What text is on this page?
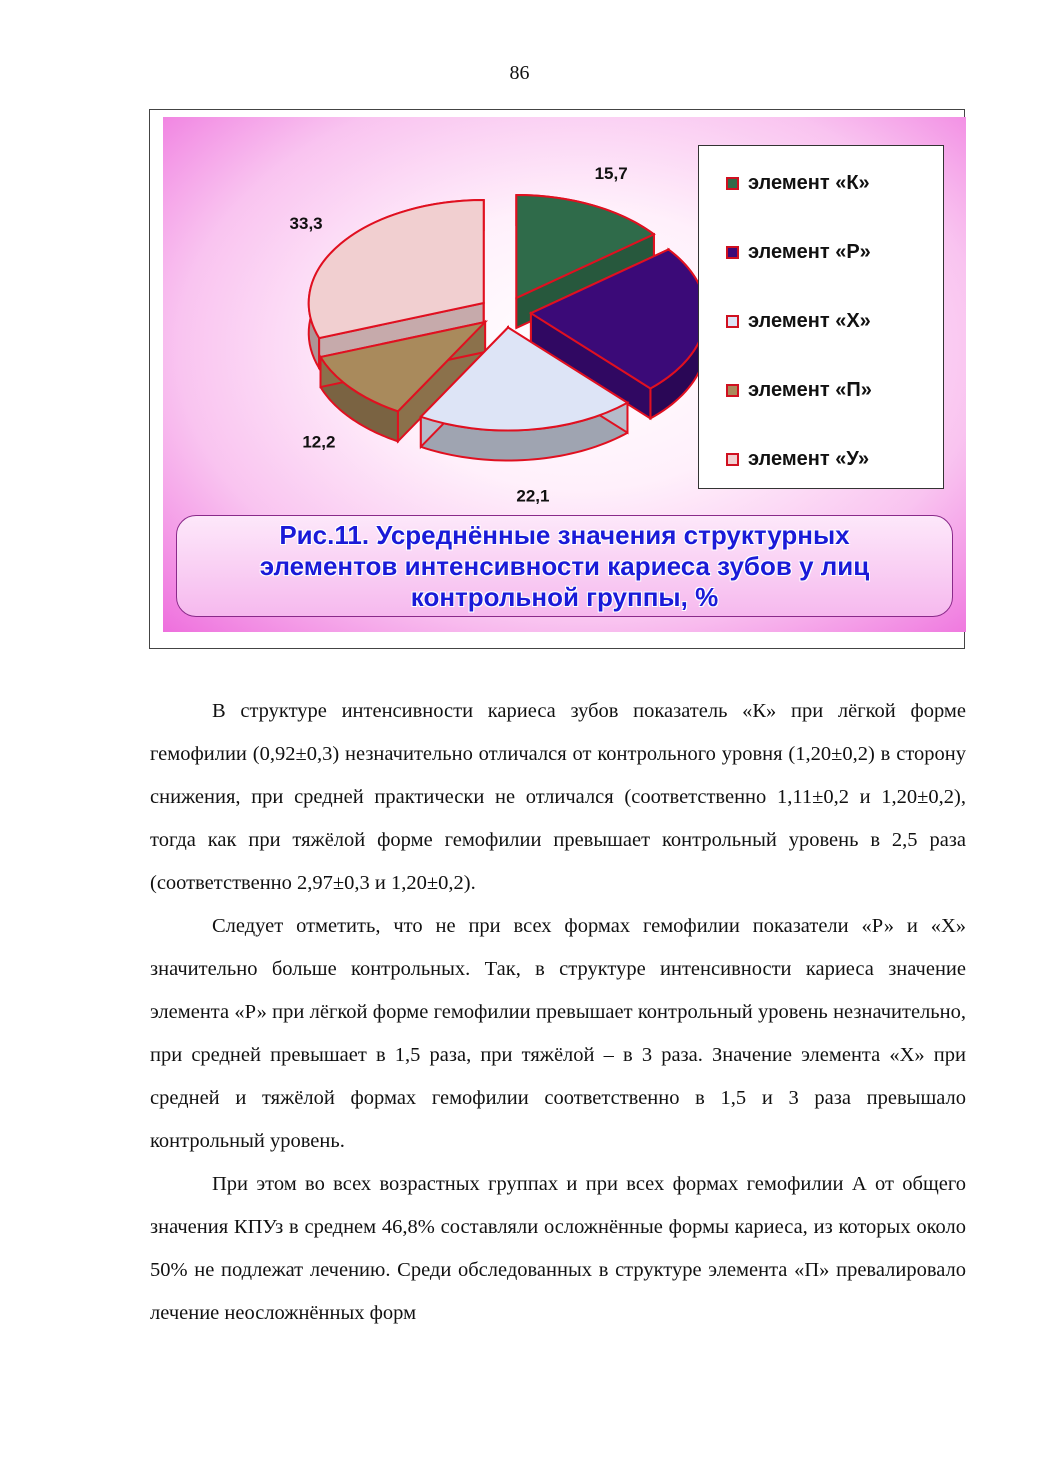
86
15,7
22,1
12,2
33,3
элемент «К»
элемент «Р»
элемент «Х»
элемент «П»
элемент «У»
Рис.11. Усреднённые значения структурных
элементов интенсивности кариеса зубов у лиц
контрольной группы, %

В структуре интенсивности кариеса зубов показатель «К» при лёгкой форме гемофилии (0,92±0,3) незначительно отличался от контрольного уровня (1,20±0,2) в сторону снижения, при средней практически не отличался (соответственно 1,11±0,2 и 1,20±0,2), тогда как при тяжёлой форме гемофилии превышает контрольный уровень в 2,5 раза (соответственно 2,97±0,3 и 1,20±0,2).

Следует отметить, что не при всех формах гемофилии показатели «Р» и «Х» значительно больше контрольных. Так, в структуре интенсивности кариеса значение элемента «Р» при лёгкой форме гемофилии превышает контрольный уровень незначительно, при средней превышает в 1,5 раза, при тяжёлой – в 3 раза. Значение элемента «Х» при средней и тяжёлой формах гемофилии соответственно в 1,5 и 3 раза превышало контрольный уровень.

При этом во всех возрастных группах и при всех формах гемофилии А от общего значения КПУз в среднем 46,8% составляли осложнённые формы кариеса, из которых около 50% не подлежат лечению. Среди обследованных в структуре элемента «П» превалировало лечение неосложнённых форм
